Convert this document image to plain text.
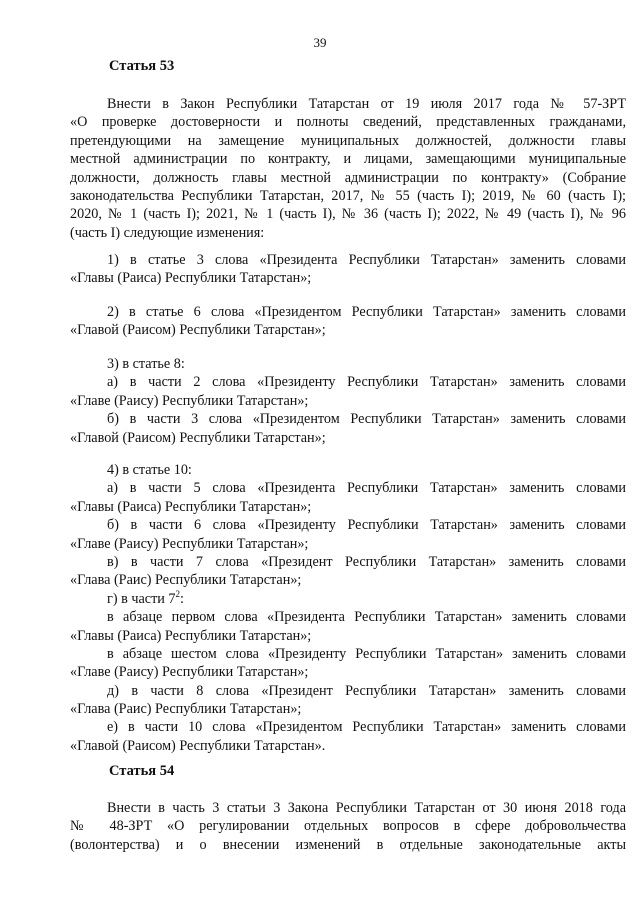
39
Статья 53
Внести в Закон Республики Татарстан от 19 июля 2017 года № 57-ЗРТ
«О проверке достоверности и полноты сведений, представленных гражданами,
претендующими на замещение муниципальных должностей, должности главы
местной администрации по контракту, и лицами, замещающими муниципальные
должности, должность главы местной администрации по контракту» (Собрание
законодательства Республики Татарстан, 2017, № 55 (часть I); 2019, № 60 (часть I);
2020, № 1 (часть I); 2021, № 1 (часть I), № 36 (часть I); 2022, № 49 (часть I), № 96
(часть I) следующие изменения:
1) в статье 3 слова «Президента Республики Татарстан» заменить словами
«Главы (Раиса) Республики Татарстан»;
2) в статье 6 слова «Президентом Республики Татарстан» заменить словами
«Главой (Раисом) Республики Татарстан»;
3) в статье 8:
а) в части 2 слова «Президенту Республики Татарстан» заменить словами
«Главе (Раису) Республики Татарстан»;
б) в части 3 слова «Президентом Республики Татарстан» заменить словами
«Главой (Раисом) Республики Татарстан»;
4) в статье 10:
а) в части 5 слова «Президента Республики Татарстан» заменить словами
«Главы (Раиса) Республики Татарстан»;
б) в части 6 слова «Президенту Республики Татарстан» заменить словами
«Главе (Раису) Республики Татарстан»;
в) в части 7 слова «Президент Республики Татарстан» заменить словами
«Глава (Раис) Республики Татарстан»;
г) в части $7^2$:
в абзаце первом слова «Президента Республики Татарстан» заменить словами
«Главы (Раиса) Республики Татарстан»;
в абзаце шестом слова «Президенту Республики Татарстан» заменить словами
«Главе (Раису) Республики Татарстан»;
д) в части 8 слова «Президент Республики Татарстан» заменить словами
«Глава (Раис) Республики Татарстан»;
е) в части 10 слова «Президентом Республики Татарстан» заменить словами
«Главой (Раисом) Республики Татарстан».
Статья 54
Внести в часть 3 статьи 3 Закона Республики Татарстан от 30 июня 2018 года
№ 48-ЗРТ «О регулировании отдельных вопросов в сфере добровольчества
(волонтерства) и о внесении изменений в отдельные законодательные акты
